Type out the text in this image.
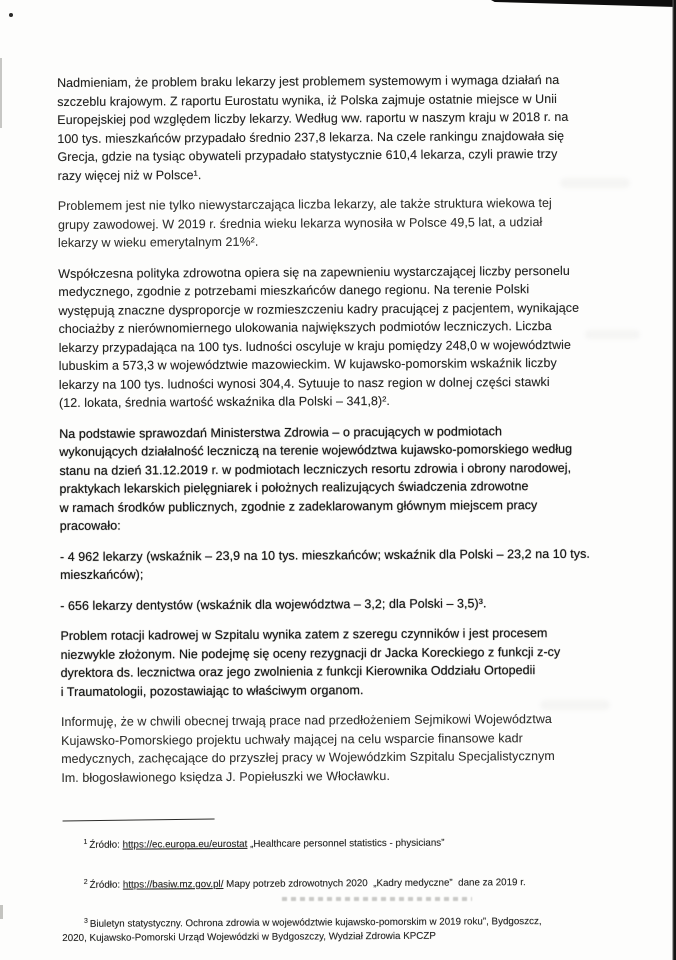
Nadmieniam, że problem braku lekarzy jest problemem systemowym i wymaga działań na
szczeblu krajowym. Z raportu Eurostatu wynika, iż Polska zajmuje ostatnie miejsce w Unii
Europejskiej pod względem liczby lekarzy. Według ww. raportu w naszym kraju w 2018 r. na
100 tys. mieszkańców przypadało średnio 237,8 lekarza. Na czele rankingu znajdowała się
Grecja, gdzie na tysiąc obywateli przypadało statystycznie 610,4 lekarza, czyli prawie trzy
razy więcej niż w Polsce¹.

Problemem jest nie tylko niewystarczająca liczba lekarzy, ale także struktura wiekowa tej
grupy zawodowej. W 2019 r. średnia wieku lekarza wynosiła w Polsce 49,5 lat, a udział
lekarzy w wieku emerytalnym 21%².

Współczesna polityka zdrowotna opiera się na zapewnieniu wystarczającej liczby personelu
medycznego, zgodnie z potrzebami mieszkańców danego regionu. Na terenie Polski
występują znaczne dysproporcje w rozmieszczeniu kadry pracującej z pacjentem, wynikające
chociażby z nierównomiernego ulokowania największych podmiotów leczniczych. Liczba
lekarzy przypadająca na 100 tys. ludności oscyluje w kraju pomiędzy 248,0 w województwie
lubuskim a 573,3 w województwie mazowieckim. W kujawsko-pomorskim wskaźnik liczby
lekarzy na 100 tys. ludności wynosi 304,4. Sytuuje to nasz region w dolnej części stawki
(12. lokata, średnia wartość wskaźnika dla Polski – 341,8)².

Na podstawie sprawozdań Ministerstwa Zdrowia – o pracujących w podmiotach
wykonujących działalność leczniczą na terenie województwa kujawsko-pomorskiego według
stanu na dzień 31.12.2019 r. w podmiotach leczniczych resortu zdrowia i obrony narodowej,
praktykach lekarskich pielęgniarek i położnych realizujących świadczenia zdrowotne
w ramach środków publicznych, zgodnie z zadeklarowanym głównym miejscem pracy
pracowało:

- 4 962 lekarzy (wskaźnik – 23,9 na 10 tys. mieszkańców; wskaźnik dla Polski – 23,2 na 10 tys.
mieszkańców);

- 656 lekarzy dentystów (wskaźnik dla województwa – 3,2; dla Polski – 3,5)³.

Problem rotacji kadrowej w Szpitalu wynika zatem z szeregu czynników i jest procesem
niezwykle złożonym. Nie podejmę się oceny rezygnacji dr Jacka Koreckiego z funkcji z-cy
dyrektora ds. lecznictwa oraz jego zwolnienia z funkcji Kierownika Oddziału Ortopedii
i Traumatologii, pozostawiając to właściwym organom.

Informuję, że w chwili obecnej trwają prace nad przedłożeniem Sejmikowi Województwa
Kujawsko-Pomorskiego projektu uchwały mającej na celu wsparcie finansowe kadr
medycznych, zachęcające do przyszłej pracy w Wojewódzkim Szpitalu Specjalistycznym
Im. błogosławionego księdza J. Popiełuszki we Włocławku.

$^1$ Źródło: https://ec.europa.eu/eurostat „Healthcare personnel statistics - physicians”

$^2$ Źródło: https://basiw.mz.gov.pl/ Mapy potrzeb zdrowotnych 2020  „Kadry medyczne”  dane za 2019 r.

$^3$ Biuletyn statystyczny. Ochrona zdrowia w województwie kujawsko-pomorskim w 2019 roku”, Bydgoszcz,
2020, Kujawsko-Pomorski Urząd Wojewódzki w Bydgoszczy, Wydział Zdrowia KPCZP
